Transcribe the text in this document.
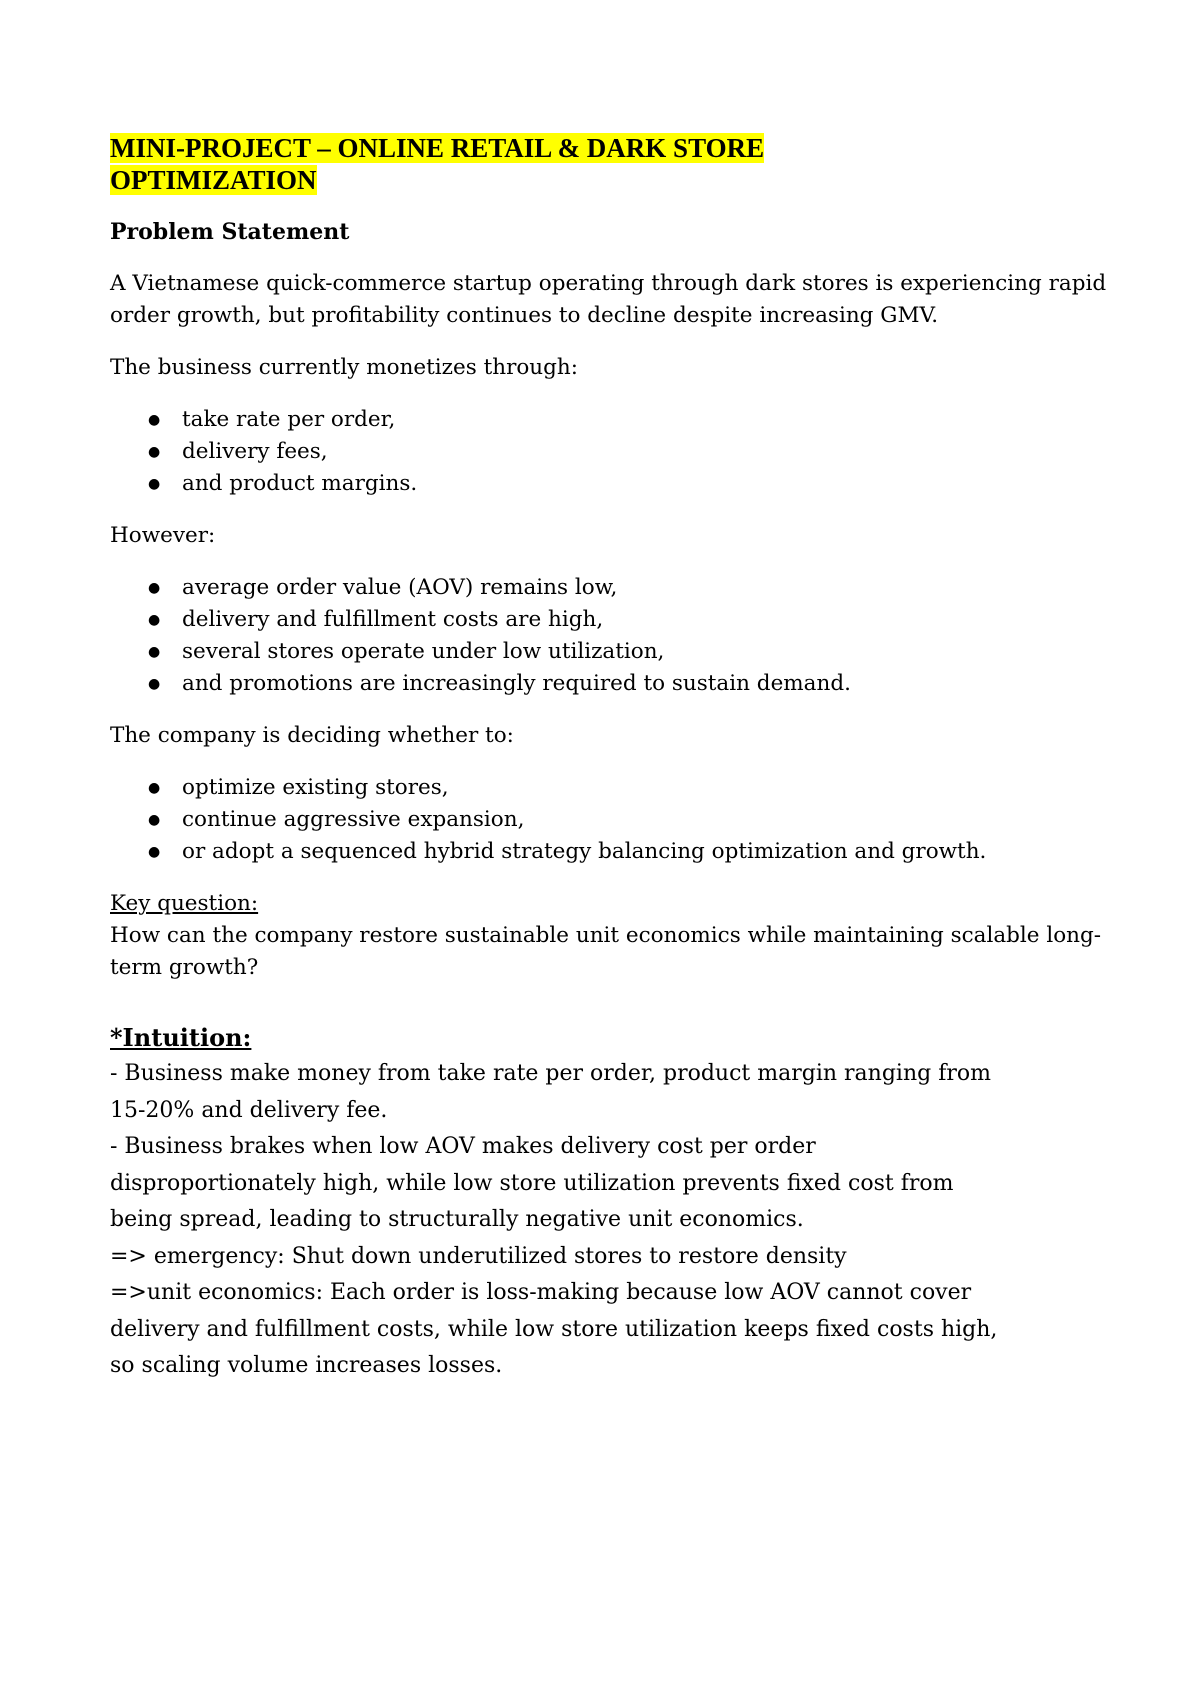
MINI-PROJECT – ONLINE RETAIL & DARK STORE
OPTIMIZATION
Problem Statement

A Vietnamese quick-commerce startup operating through dark stores is experiencing rapid order growth, but profitability continues to decline despite increasing GMV.

The business currently monetizes through:

● take rate per order,
● delivery fees,
● and product margins.

However:

● average order value (AOV) remains low,
● delivery and fulfillment costs are high,
● several stores operate under low utilization,
● and promotions are increasingly required to sustain demand.

The company is deciding whether to:

● optimize existing stores,
● continue aggressive expansion,
● or adopt a sequenced hybrid strategy balancing optimization and growth.

Key question:
How can the company restore sustainable unit economics while maintaining scalable long-term growth?

*Intuition:
- Business make money from take rate per order, product margin ranging from
15-20% and delivery fee.
- Business brakes when low AOV makes delivery cost per order
disproportionately high, while low store utilization prevents fixed cost from
being spread, leading to structurally negative unit economics.
=> emergency: Shut down underutilized stores to restore density
=>unit economics: Each order is loss-making because low AOV cannot cover
delivery and fulfillment costs, while low store utilization keeps fixed costs high,
so scaling volume increases losses.
